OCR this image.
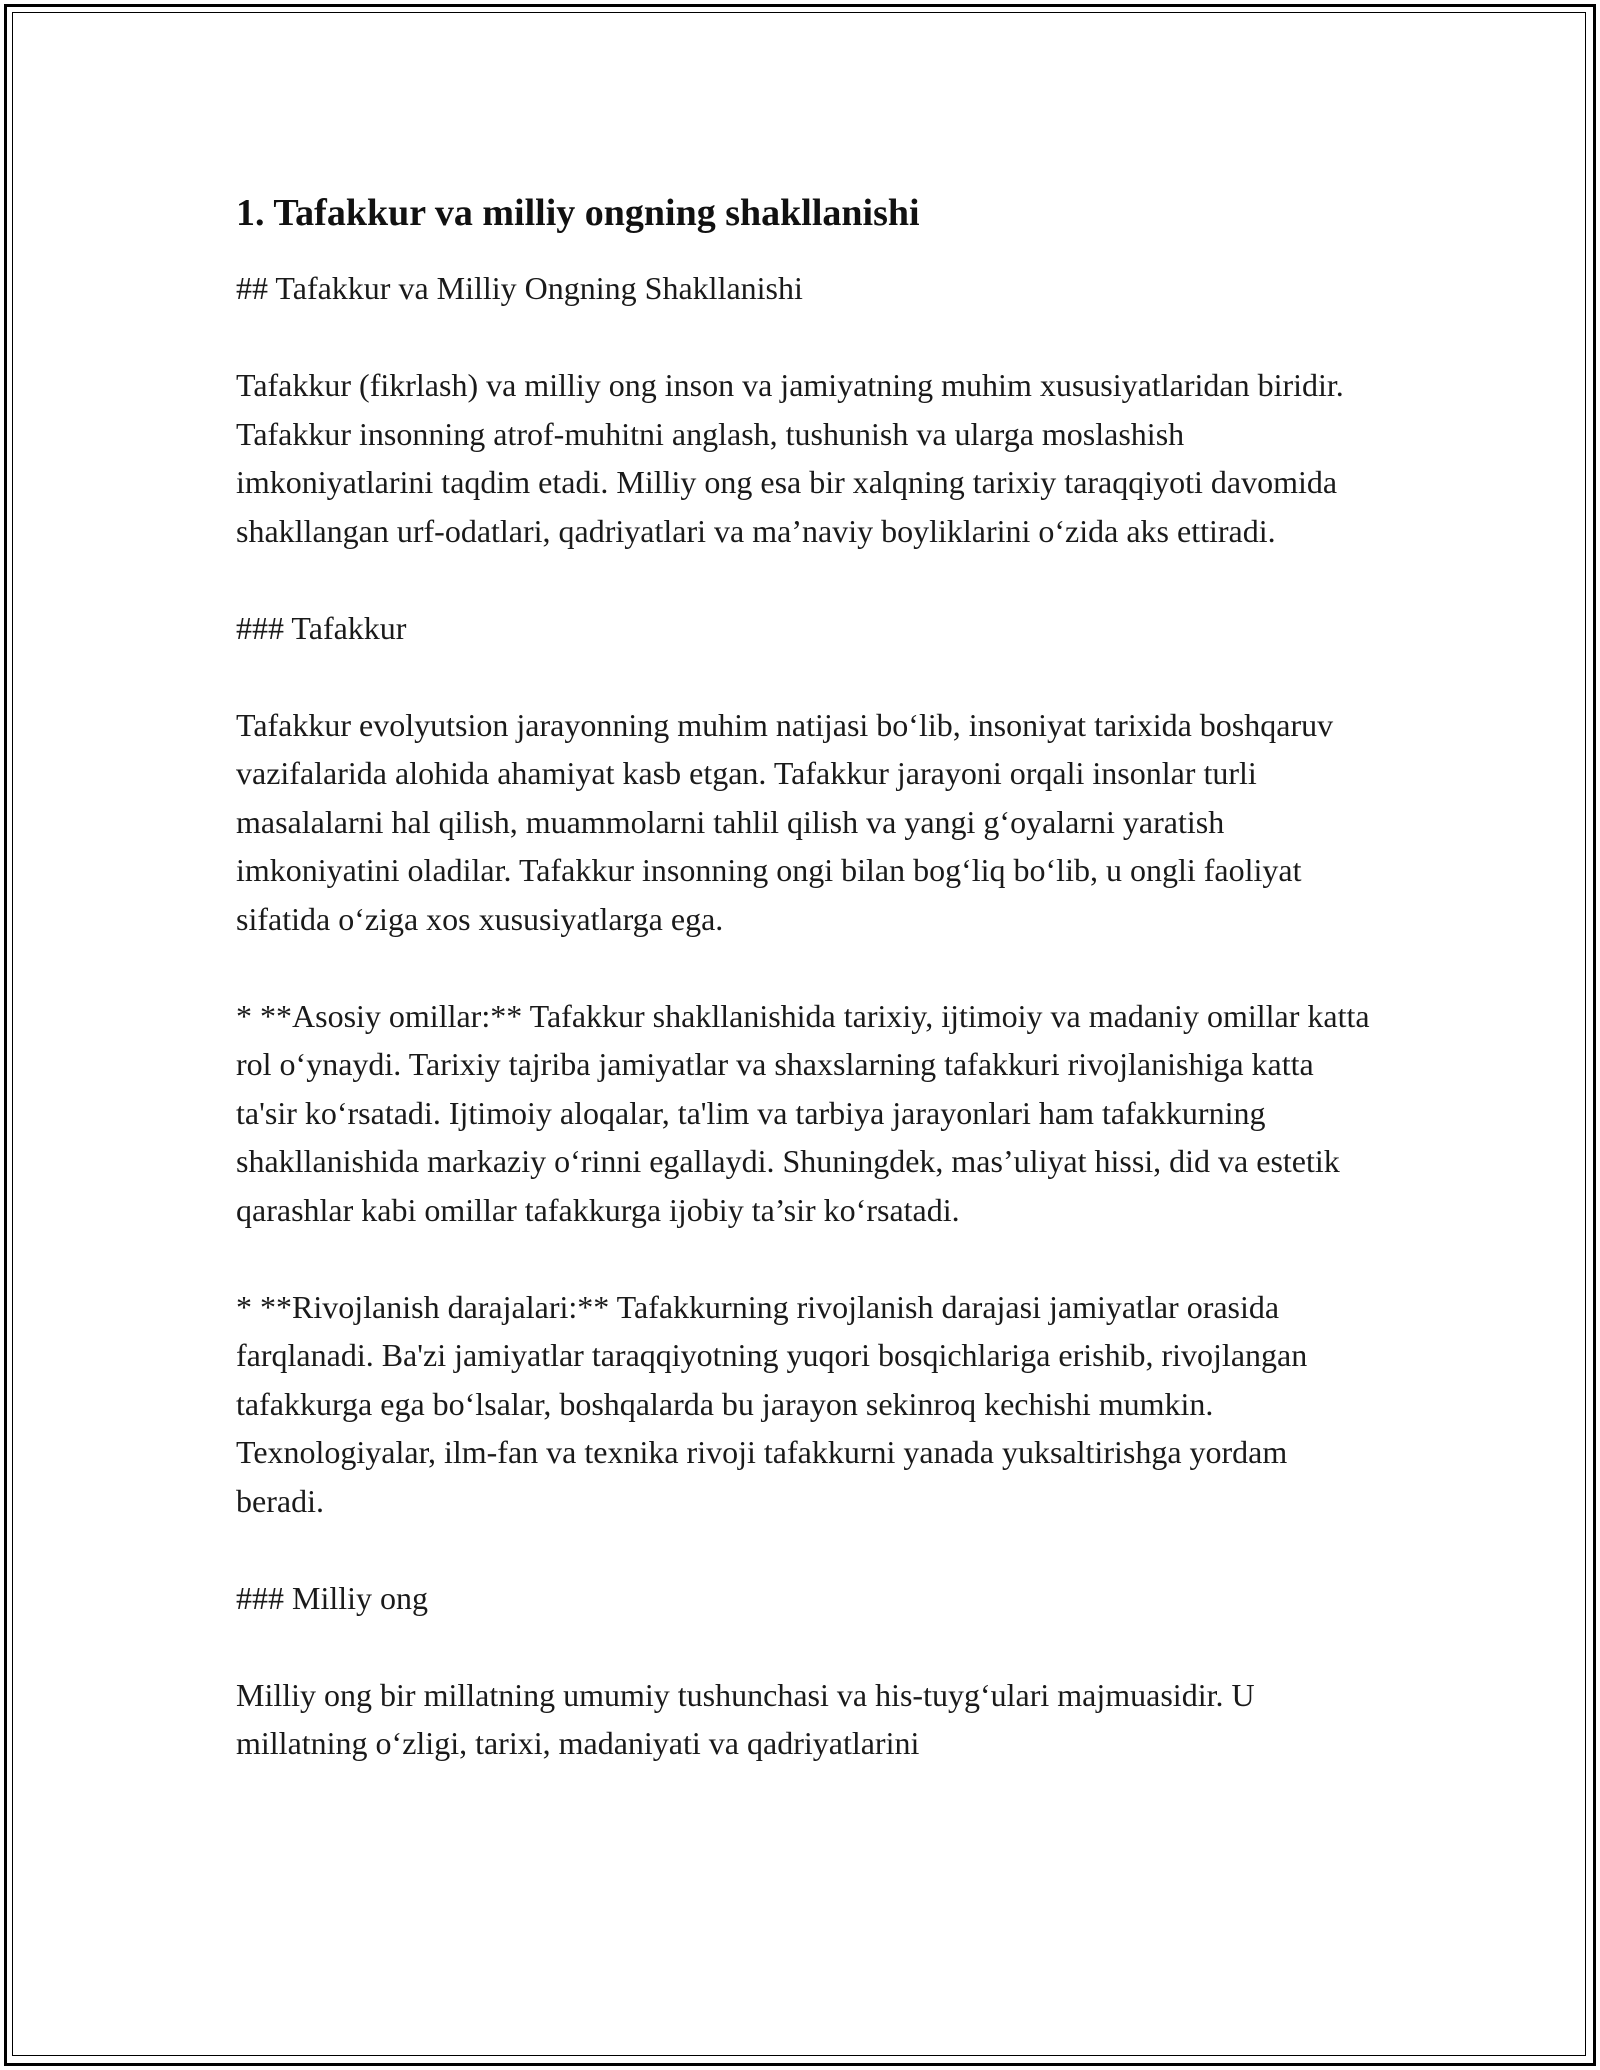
1. Tafakkur va milliy ongning shakllanishi

## Tafakkur va Milliy Ongning Shakllanishi

Tafakkur (fikrlash) va milliy ong inson va jamiyatning muhim xususiyatlaridan biridir. Tafakkur insonning atrof-muhitni anglash, tushunish va ularga moslashish imkoniyatlarini taqdim etadi. Milliy ong esa bir xalqning tarixiy taraqqiyoti davomida shakllangan urf-odatlari, qadriyatlari va ma’naviy boyliklarini o‘zida aks ettiradi.

### Tafakkur

Tafakkur evolyutsion jarayonning muhim natijasi bo‘lib, insoniyat tarixida boshqaruv vazifalarida alohida ahamiyat kasb etgan. Tafakkur jarayoni orqali insonlar turli masalalarni hal qilish, muammolarni tahlil qilish va yangi g‘oyalarni yaratish imkoniyatini oladilar. Tafakkur insonning ongi bilan bog‘liq bo‘lib, u ongli faoliyat sifatida o‘ziga xos xususiyatlarga ega.

* **Asosiy omillar:** Tafakkur shakllanishida tarixiy, ijtimoiy va madaniy omillar katta rol o‘ynaydi. Tarixiy tajriba jamiyatlar va shaxslarning tafakkuri rivojlanishiga katta ta'sir ko‘rsatadi. Ijtimoiy aloqalar, ta'lim va tarbiya jarayonlari ham tafakkurning shakllanishida markaziy o‘rinni egallaydi. Shuningdek, mas’uliyat hissi, did va estetik qarashlar kabi omillar tafakkurga ijobiy ta’sir ko‘rsatadi.

* **Rivojlanish darajalari:** Tafakkurning rivojlanish darajasi jamiyatlar orasida farqlanadi. Ba'zi jamiyatlar taraqqiyotning yuqori bosqichlariga erishib, rivojlangan tafakkurga ega bo‘lsalar, boshqalarda bu jarayon sekinroq kechishi mumkin. Texnologiyalar, ilm-fan va texnika rivoji tafakkurni yanada yuksaltirishga yordam beradi.

### Milliy ong

Milliy ong bir millatning umumiy tushunchasi va his-tuyg‘ulari majmuasidir. U millatning o‘zligi, tarixi, madaniyati va qadriyatlarini
